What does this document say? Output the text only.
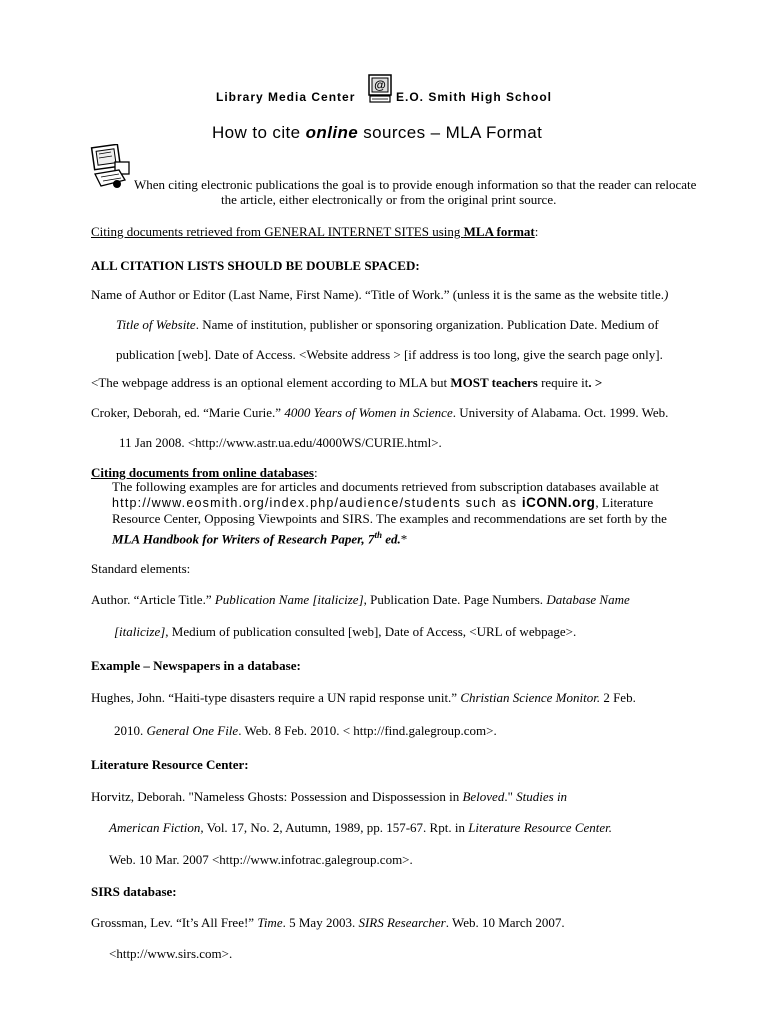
Library Media Center
@
E.O. Smith High School
How to cite online sources – MLA Format
When citing electronic publications the goal is to provide enough information so that the reader can relocate
the article, either electronically or from the original print source.
Citing documents retrieved from GENERAL INTERNET SITES using MLA format:
ALL CITATION LISTS SHOULD BE DOUBLE SPACED:
Name of Author or Editor (Last Name, First Name). “Title of Work.” (unless it is the same as the website title.)
Title of Website. Name of institution, publisher or sponsoring organization. Publication Date. Medium of
publication [web]. Date of Access. <Website address > [if address is too long, give the search page only].
<The webpage address is an optional element according to MLA but MOST teachers require it. >
Croker, Deborah, ed. “Marie Curie.” 4000 Years of Women in Science. University of Alabama. Oct. 1999. Web.
11 Jan 2008. <http://www.astr.ua.edu/4000WS/CURIE.html>.
Citing documents from online databases:
The following examples are for articles and documents retrieved from subscription databases available at
http://www.eosmith.org/index.php/audience/students such as iCONN.org, Literature
Resource Center, Opposing Viewpoints and SIRS. The examples and recommendations are set forth by the
MLA Handbook for Writers of Research Paper, 7th ed.*
Standard elements:
Author. “Article Title.” Publication Name [italicize], Publication Date. Page Numbers. Database Name
[italicize], Medium of publication consulted [web], Date of Access, <URL of webpage>.
Example – Newspapers in a database:
Hughes, John. “Haiti-type disasters require a UN rapid response unit.” Christian Science Monitor. 2 Feb.
2010. General One File. Web. 8 Feb. 2010. < http://find.galegroup.com>.
Literature Resource Center:
Horvitz, Deborah. "Nameless Ghosts: Possession and Dispossession in Beloved." Studies in
American Fiction, Vol. 17, No. 2, Autumn, 1989, pp. 157-67. Rpt. in Literature Resource Center.
Web. 10 Mar. 2007 <http://www.infotrac.galegroup.com>.
SIRS database:
Grossman, Lev. “It’s All Free!” Time. 5 May 2003. SIRS Researcher. Web. 10 March 2007.
<http://www.sirs.com>.
